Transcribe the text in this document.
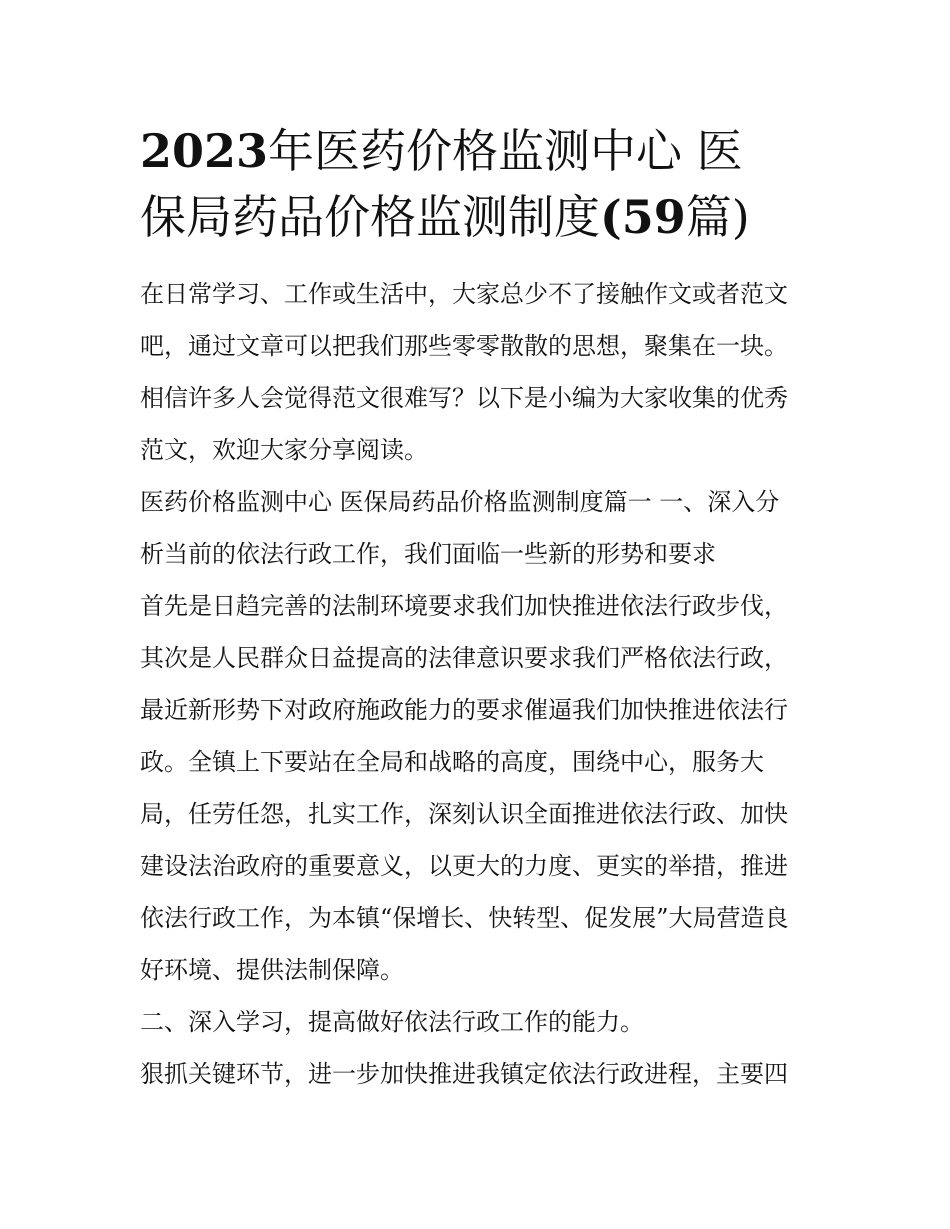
2023年医药价格监测中心 医
保局药品价格监测制度(59篇)

在日常学习、工作或生活中，大家总少不了接触作文或者范文
吧，通过文章可以把我们那些零零散散的思想，聚集在一块。
相信许多人会觉得范文很难写？以下是小编为大家收集的优秀
范文，欢迎大家分享阅读。

医药价格监测中心 医保局药品价格监测制度篇一 一、深入分
析当前的依法行政工作，我们面临一些新的形势和要求

首先是日趋完善的法制环境要求我们加快推进依法行政步伐，
其次是人民群众日益提高的法律意识要求我们严格依法行政，
最近新形势下对政府施政能力的要求催逼我们加快推进依法行
政。全镇上下要站在全局和战略的高度，围绕中心，服务大
局，任劳任怨，扎实工作，深刻认识全面推进依法行政、加快
建设法治政府的重要意义，以更大的力度、更实的举措，推进
依法行政工作，为本镇“保增长、快转型、促发展”大局营造良
好环境、提供法制保障。

二、深入学习，提高做好依法行政工作的能力。

狠抓关键环节，进一步加快推进我镇定依法行政进程，主要四
